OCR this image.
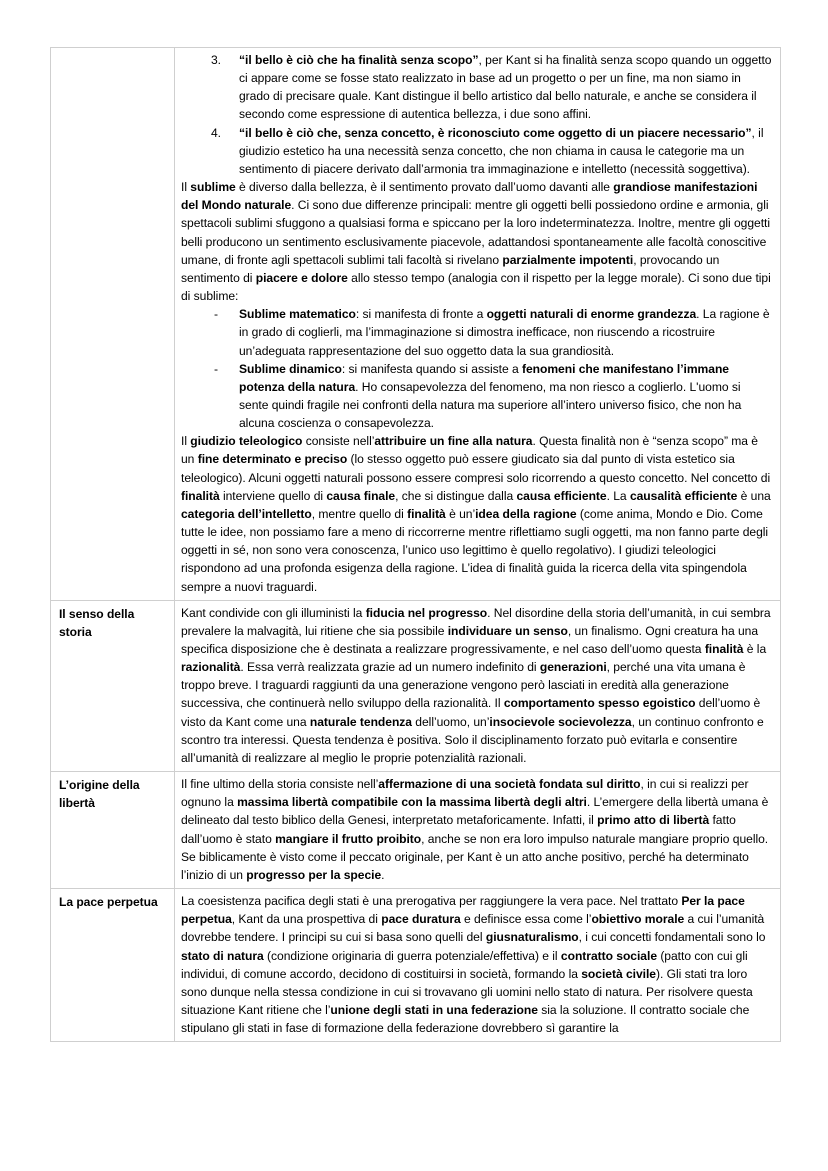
3.	“il bello è ciò che ha finalità senza scopo”, per Kant si ha finalità senza scopo quando un oggetto ci appare come se fosse stato realizzato in base ad un progetto o per un fine, ma non siamo in grado di precisare quale. Kant distingue il bello artistico dal bello naturale, e anche se considera il secondo come espressione di autentica bellezza, i due sono affini.
4.	“il bello è ciò che, senza concetto, è riconosciuto come oggetto di un piacere necessario”, il giudizio estetico ha una necessità senza concetto, che non chiama in causa le categorie ma un sentimento di piacere derivato dall’armonia tra immaginazione e intelletto (necessità soggettiva).

Il sublime è diverso dalla bellezza, è il sentimento provato dall’uomo davanti alle grandiose manifestazioni del Mondo naturale. Ci sono due differenze principali: mentre gli oggetti belli possiedono ordine e armonia, gli spettacoli sublimi sfuggono a qualsiasi forma e spiccano per la loro indeterminatezza. Inoltre, mentre gli oggetti belli producono un sentimento esclusivamente piacevole, adattandosi spontaneamente alle facoltà conoscitive umane, di fronte agli spettacoli sublimi tali facoltà si rivelano parzialmente impotenti, provocando un sentimento di piacere e dolore allo stesso tempo (analogia con il rispetto per la legge morale). Ci sono due tipi di sublime:

-	Sublime matematico: si manifesta di fronte a oggetti naturali di enorme grandezza. La ragione è in grado di coglierli, ma l’immaginazione si dimostra inefficace, non riuscendo a ricostruire un’adeguata rappresentazione del suo oggetto data la sua grandiosità.
-	Sublime dinamico: si manifesta quando si assiste a fenomeni che manifestano l’immane potenza della natura. Ho consapevolezza del fenomeno, ma non riesco a coglierlo. L'uomo si sente quindi fragile nei confronti della natura ma superiore all’intero universo fisico, che non ha alcuna coscienza o consapevolezza.

Il giudizio teleologico consiste nell’attribuire un fine alla natura. Questa finalità non è “senza scopo” ma è un fine determinato e preciso (lo stesso oggetto può essere giudicato sia dal punto di vista estetico sia teleologico). Alcuni oggetti naturali possono essere compresi solo ricorrendo a questo concetto. Nel concetto di finalità interviene quello di causa finale, che si distingue dalla causa efficiente. La causalità efficiente è una categoria dell’intelletto, mentre quello di finalità è un’idea della ragione (come anima, Mondo e Dio. Come tutte le idee, non possiamo fare a meno di riccorrerne mentre riflettiamo sugli oggetti, ma non fanno parte degli oggetti in sé, non sono vera conoscenza, l’unico uso legittimo è quello regolativo). I giudizi teleologici rispondono ad una profonda esigenza della ragione. L’idea di finalità guida la ricerca della vita spingendola sempre a nuovi traguardi.

Il senso della storia	Kant condivide con gli illuministi la fiducia nel progresso. Nel disordine della storia dell’umanità, in cui sembra prevalere la malvagità, lui ritiene che sia possibile individuare un senso, un finalismo. Ogni creatura ha una specifica disposizione che è destinata a realizzare progressivamente, e nel caso dell’uomo questa finalità è la razionalità. Essa verrà realizzata grazie ad un numero indefinito di generazioni, perché una vita umana è troppo breve. I traguardi raggiunti da una generazione vengono però lasciati in eredità alla generazione successiva, che continuerà nello sviluppo della razionalità. Il comportamento spesso egoistico dell’uomo è visto da Kant come una naturale tendenza dell’uomo, un’insocievole socievolezza, un continuo confronto e scontro tra interessi. Questa tendenza è positiva. Solo il disciplinamento forzato può evitarla e consentire all’umanità di realizzare al meglio le proprie potenzialità razionali.

L’origine della libertà	Il fine ultimo della storia consiste nell’affermazione di una società fondata sul diritto, in cui si realizzi per ognuno la massima libertà compatibile con la massima libertà degli altri. L’emergere della libertà umana è delineato dal testo biblico della Genesi, interpretato metaforicamente. Infatti, il primo atto di libertà fatto dall’uomo è stato mangiare il frutto proibito, anche se non era loro impulso naturale mangiare proprio quello. Se biblicamente è visto come il peccato originale, per Kant è un atto anche positivo, perché ha determinato l’inizio di un progresso per la specie.

La pace perpetua	La coesistenza pacifica degli stati è una prerogativa per raggiungere la vera pace. Nel trattato Per la pace perpetua, Kant da una prospettiva di pace duratura e definisce essa come l’obiettivo morale a cui l’umanità dovrebbe tendere. I principi su cui si basa sono quelli del giusnaturalismo, i cui concetti fondamentali sono lo stato di natura (condizione originaria di guerra potenziale/effettiva) e il contratto sociale (patto con cui gli individui, di comune accordo, decidono di costituirsi in società, formando la società civile). Gli stati tra loro sono dunque nella stessa condizione in cui si trovavano gli uomini nello stato di natura. Per risolvere questa situazione Kant ritiene che l’unione degli stati in una federazione sia la soluzione. Il contratto sociale che stipulano gli stati in fase di formazione della federazione dovrebbero sì garantire la
